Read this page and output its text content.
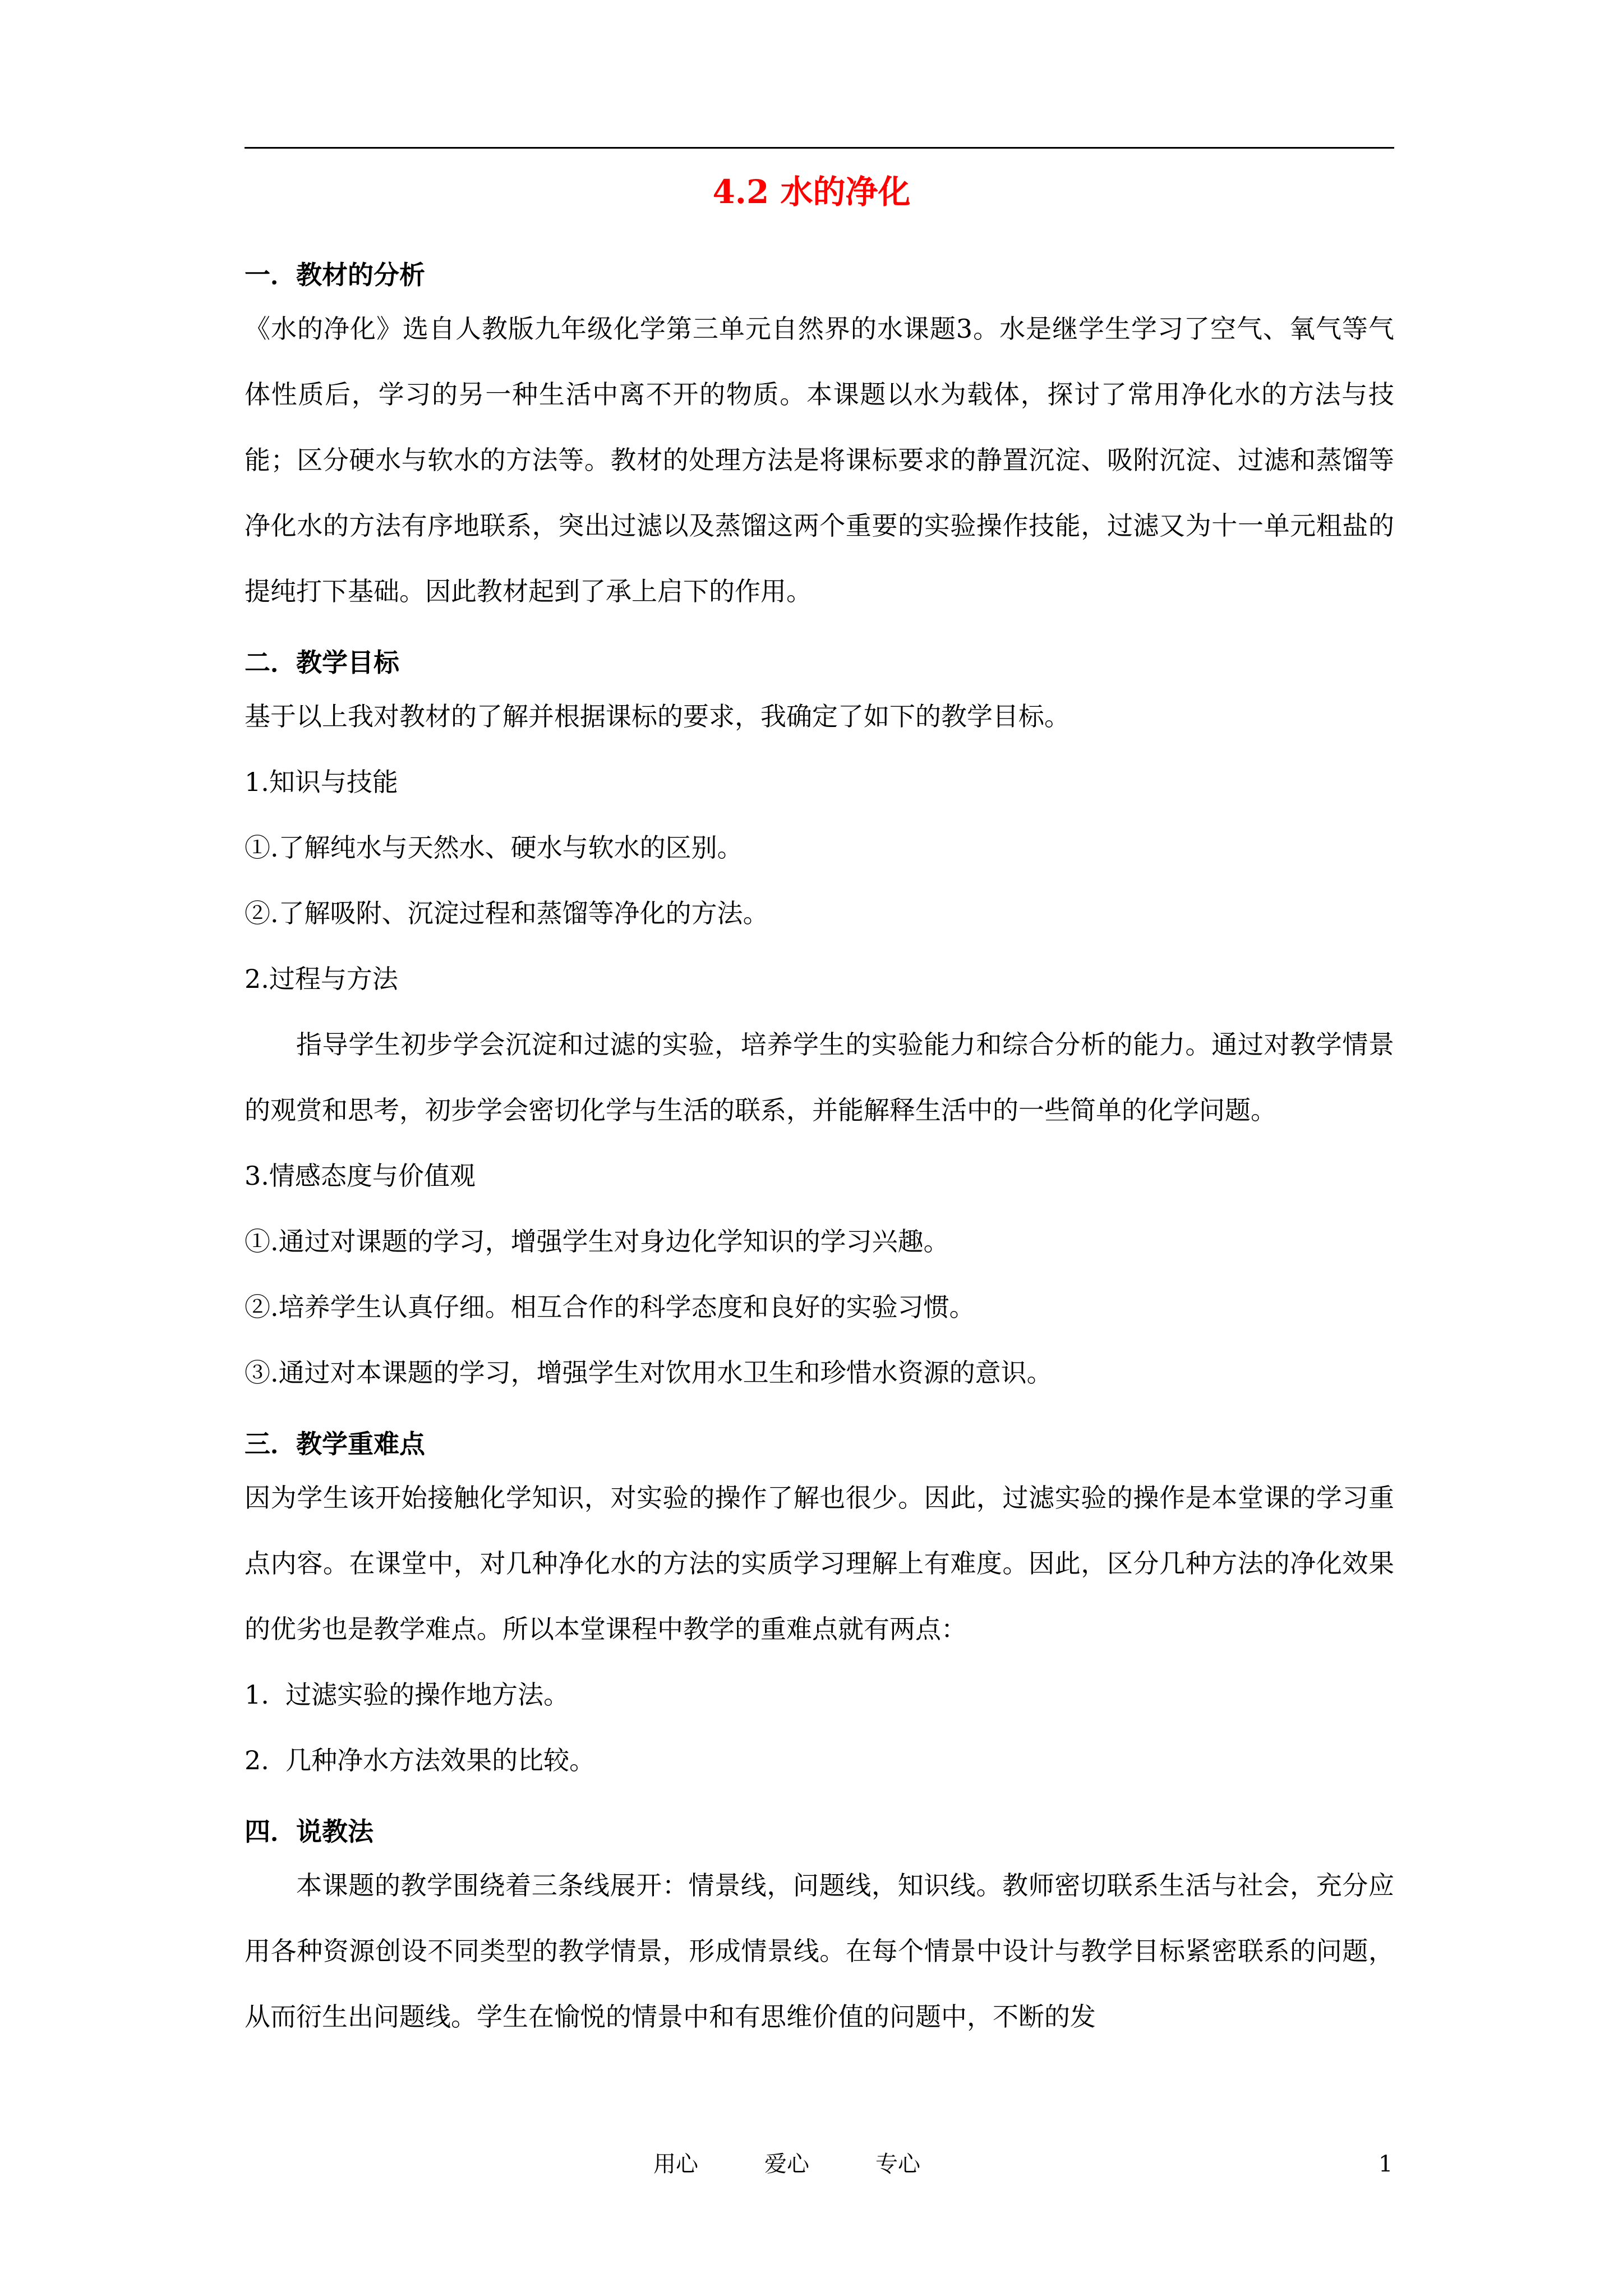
4.2 水的净化

一．教材的分析

《水的净化》选自人教版九年级化学第三单元自然界的水课题3。水是继学生学习了空气、氧气等气体性质后，学习的另一种生活中离不开的物质。本课题以水为载体，探讨了常用净化水的方法与技能；区分硬水与软水的方法等。教材的处理方法是将课标要求的静置沉淀、吸附沉淀、过滤和蒸馏等净化水的方法有序地联系，突出过滤以及蒸馏这两个重要的实验操作技能，过滤又为十一单元粗盐的提纯打下基础。因此教材起到了承上启下的作用。

二．教学目标

基于以上我对教材的了解并根据课标的要求，我确定了如下的教学目标。

1.知识与技能

①.了解纯水与天然水、硬水与软水的区别。

②.了解吸附、沉淀过程和蒸馏等净化的方法。

2.过程与方法

指导学生初步学会沉淀和过滤的实验，培养学生的实验能力和综合分析的能力。通过对教学情景的观赏和思考，初步学会密切化学与生活的联系，并能解释生活中的一些简单的化学问题。

3.情感态度与价值观

①.通过对课题的学习，增强学生对身边化学知识的学习兴趣。

②.培养学生认真仔细。相互合作的科学态度和良好的实验习惯。

③.通过对本课题的学习，增强学生对饮用水卫生和珍惜水资源的意识。

三．教学重难点

因为学生该开始接触化学知识，对实验的操作了解也很少。因此，过滤实验的操作是本堂课的学习重点内容。在课堂中，对几种净化水的方法的实质学习理解上有难度。因此，区分几种方法的净化效果的优劣也是教学难点。所以本堂课程中教学的重难点就有两点：

1.  过滤实验的操作地方法。

2.  几种净水方法效果的比较。

四．说教法

本课题的教学围绕着三条线展开：情景线，问题线，知识线。教师密切联系生活与社会，充分应用各种资源创设不同类型的教学情景，形成情景线。在每个情景中设计与教学目标紧密联系的问题，从而衍生出问题线。学生在愉悦的情景中和有思维价值的问题中，不断的发

用心	爱心	专心	1
